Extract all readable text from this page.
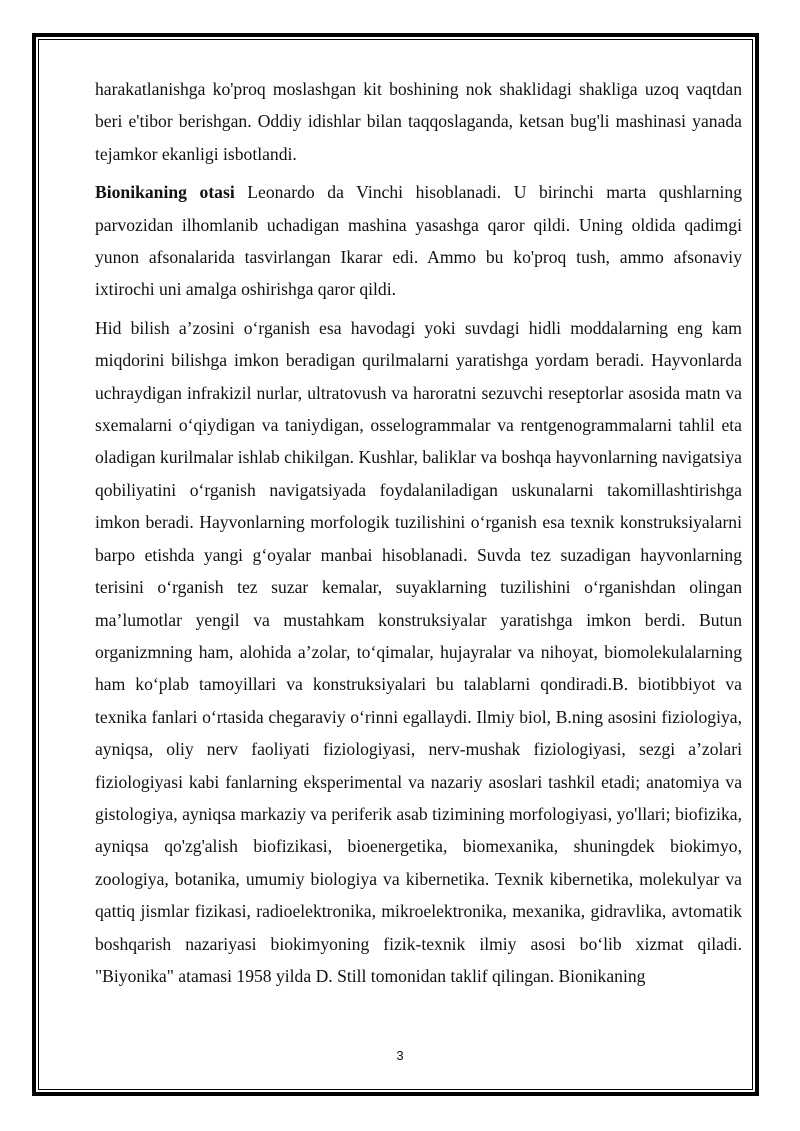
harakatlanishga ko'proq moslashgan kit boshining nok shaklidagi shakliga uzoq vaqtdan beri e'tibor berishgan. Oddiy idishlar bilan taqqoslaganda, ketsan bug'li mashinasi yanada tejamkor ekanligi isbotlandi.

Bionikaning otasi Leonardo da Vinchi hisoblanadi. U birinchi marta qushlarning parvozidan ilhomlanib uchadigan mashina yasashga qaror qildi. Uning oldida qadimgi yunon afsonalarida tasvirlangan Ikarar edi. Ammo bu ko'proq tush, ammo afsonaviy ixtirochi uni amalga oshirishga qaror qildi.

Hid bilish a’zosini o‘rganish esa havodagi yoki suvdagi hidli moddalarning eng kam miqdorini bilishga imkon beradigan qurilmalarni yaratishga yordam beradi. Hayvonlarda uchraydigan infrakizil nurlar, ultratovush va haroratni sezuvchi reseptorlar asosida matn va sxemalarni o‘qiydigan va taniydigan, osselogrammalar va rentgenogrammalarni tahlil eta oladigan kurilmalar ishlab chikilgan. Kushlar, baliklar va boshqa hayvonlarning navigatsiya qobiliyatini o‘rganish navigatsiyada foydalaniladigan uskunalarni takomillashtirishga imkon beradi. Hayvonlarning morfologik tuzilishini o‘rganish esa texnik konstruksiyalarni barpo etishda yangi g‘oyalar manbai hisoblanadi. Suvda tez suzadigan hayvonlarning terisini o‘rganish tez suzar kemalar, suyaklarning tuzilishini o‘rganishdan olingan ma’lumotlar yengil va mustahkam konstruksiyalar yaratishga imkon berdi. Butun organizmning ham, alohida a’zolar, to‘qimalar, hujayralar va nihoyat, biomolekulalarning ham ko‘plab tamoyillari va konstruksiyalari bu talablarni qondiradi.B. biotibbiyot va texnika fanlari o‘rtasida chegaraviy o‘rinni egallaydi. Ilmiy biol, B.ning asosini fiziologiya, ayniqsa, oliy nerv faoliyati fiziologiyasi, nerv-mushak fiziologiyasi, sezgi a’zolari fiziologiyasi kabi fanlarning eksperimental va nazariy asoslari tashkil etadi; anatomiya va gistologiya, ayniqsa markaziy va periferik asab tizimining morfologiyasi, yo'llari; biofizika, ayniqsa qo'zg'alish biofizikasi, bioenergetika, biomexanika, shuningdek biokimyo, zoologiya, botanika, umumiy biologiya va kibernetika. Texnik kibernetika, molekulyar va qattiq jismlar fizikasi, radioelektronika, mikroelektronika, mexanika, gidravlika, avtomatik boshqarish nazariyasi biokimyoning fizik-texnik ilmiy asosi bo‘lib xizmat qiladi. "Biyonika" atamasi 1958 yilda D. Still tomonidan taklif qilingan. Bionikaning

3
